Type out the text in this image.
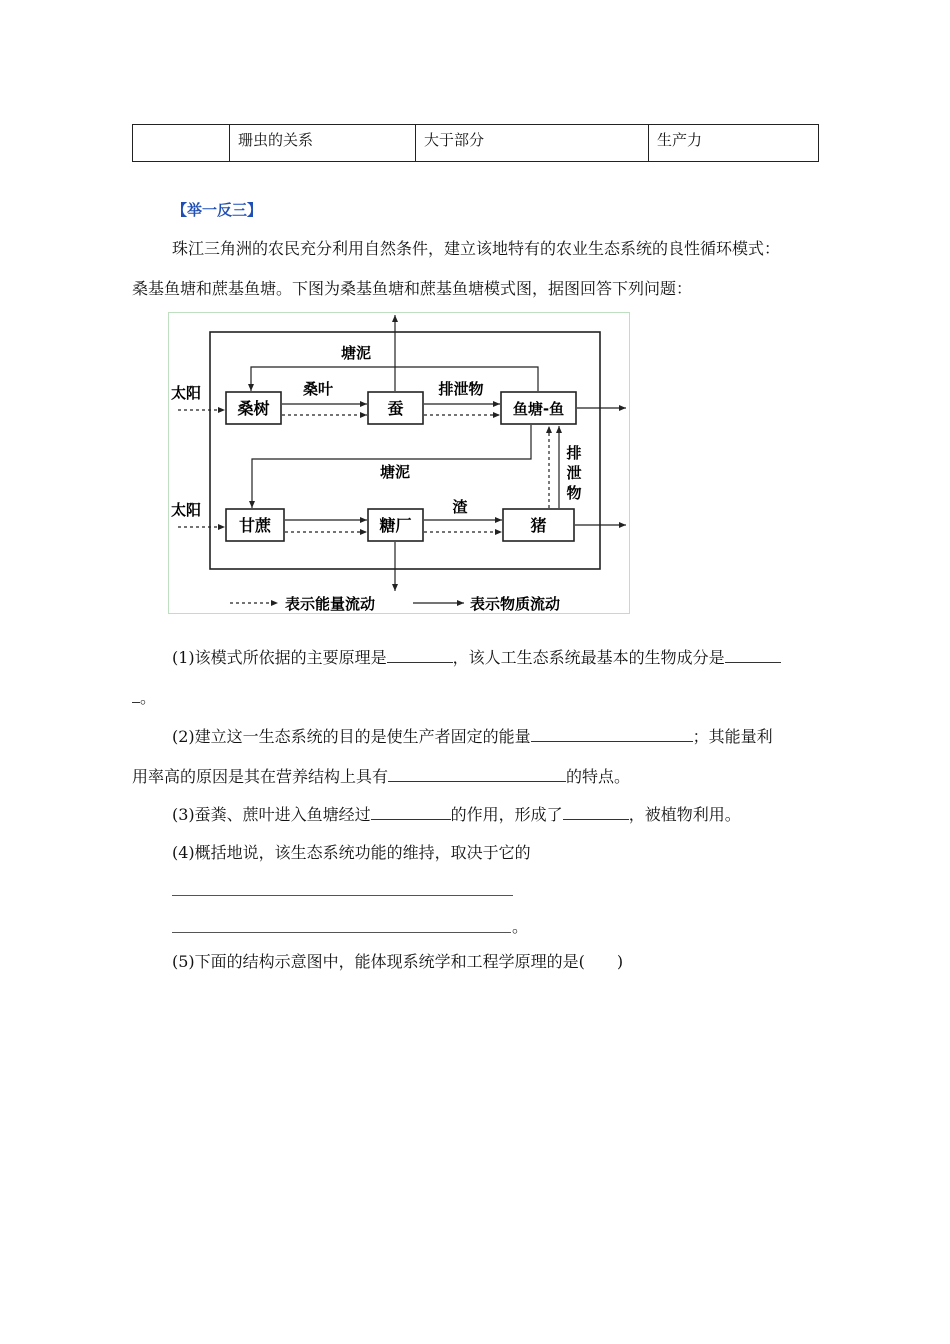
	珊虫的关系	大于部分	生产力
【举一反三】
珠江三角洲的农民充分利用自然条件，建立该地特有的农业生态系统的良性循环模式：
桑基鱼塘和蔗基鱼塘。下图为桑基鱼塘和蔗基鱼塘模式图，据图回答下列问题：
桑树	蚕	鱼塘-鱼
甘蔗	糖厂	猪
太阳
太阳
桑叶	排泄物
塘泥
塘泥
排
泄
物
渣
表示能量流动	表示物质流动
(1)该模式所依据的主要原理是	，该人工生态系统最基本的生物成分是
。
(2)建立这一生态系统的目的是使生产者固定的能量	；其能量利
用率高的原因是其在营养结构上具有	的特点。
(3)蚕粪、蔗叶进入鱼塘经过	的作用，形成了	，被植物利用。
(4)概括地说，该生态系统功能的维持，取决于它的
。
(5)下面的结构示意图中，能体现系统学和工程学原理的是(　　)
